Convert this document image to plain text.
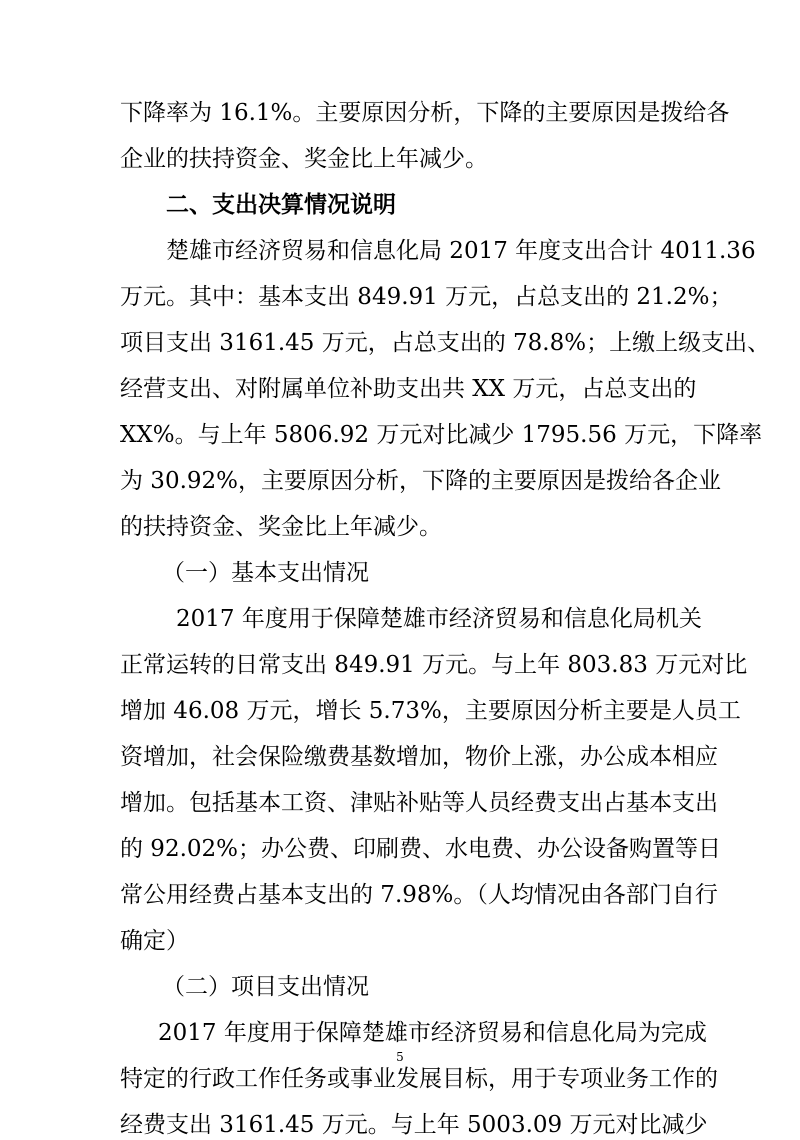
下降率为 16.1%。主要原因分析，下降的主要原因是拨给各
企业的扶持资金、奖金比上年减少。
二、支出决算情况说明
楚雄市经济贸易和信息化局 2017 年度支出合计 4011.36
万元。其中：基本支出 849.91 万元，占总支出的 21.2%；
项目支出 3161.45 万元，占总支出的 78.8%；上缴上级支出、
经营支出、对附属单位补助支出共 XX 万元，占总支出的
XX%。与上年 5806.92 万元对比减少 1795.56 万元，下降率
为 30.92%，主要原因分析，下降的主要原因是拨给各企业
的扶持资金、奖金比上年减少。
（一）基本支出情况
2017 年度用于保障楚雄市经济贸易和信息化局机关
正常运转的日常支出 849.91 万元。与上年 803.83 万元对比
增加 46.08 万元，增长 5.73%，主要原因分析主要是人员工
资增加，社会保险缴费基数增加，物价上涨，办公成本相应
增加。包括基本工资、津贴补贴等人员经费支出占基本支出
的 92.02%；办公费、印刷费、水电费、办公设备购置等日
常公用经费占基本支出的 7.98%。（人均情况由各部门自行
确定）
（二）项目支出情况
2017 年度用于保障楚雄市经济贸易和信息化局为完成
特定的行政工作任务或事业发展目标，用于专项业务工作的
经费支出 3161.45 万元。与上年 5003.09 万元对比减少
5
